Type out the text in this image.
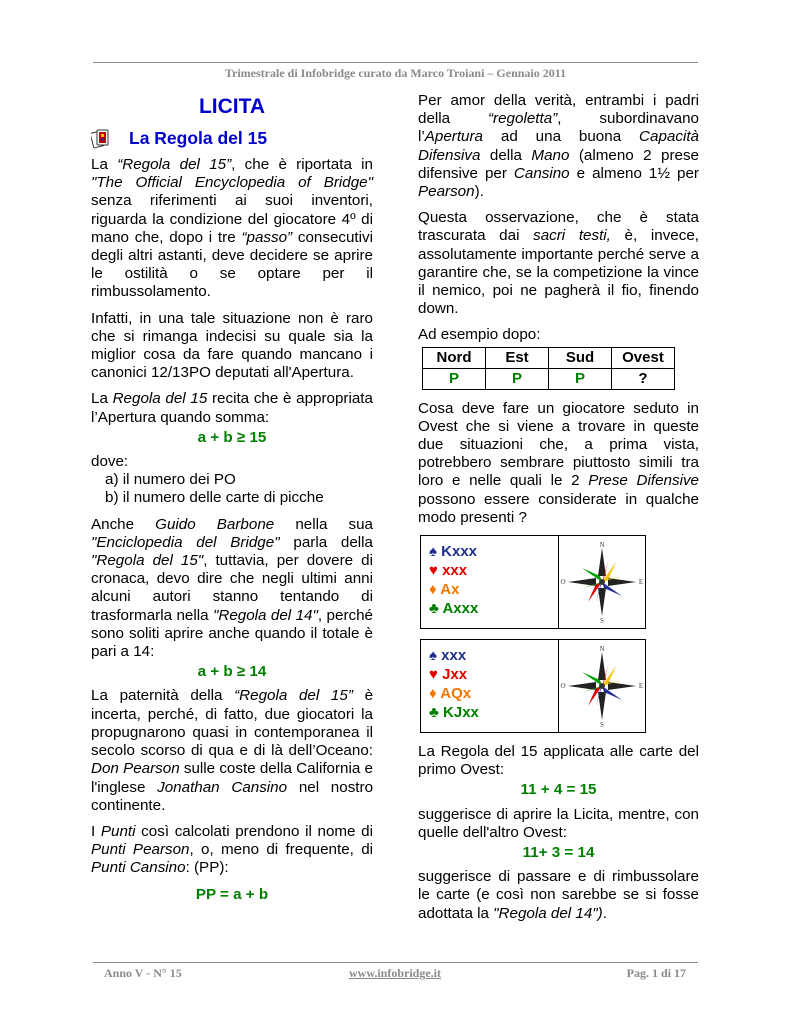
Trimestrale di Infobridge curato da Marco Troiani – Gennaio 2011
LICITA
La Regola del 15

La “Regola del 15”, che è riportata in "The Official Encyclopedia of Bridge" senza riferimenti ai suoi inventori, riguarda la condizione del giocatore 4º di mano che, dopo i tre “passo” consecutivi degli altri astanti, deve decidere se aprire le ostilità o se optare per il rimbussolamento.

Infatti, in una tale situazione non è raro che si rimanga indecisi su quale sia la miglior cosa da fare quando mancano i canonici 12/13PO deputati all'Apertura.

La Regola del 15 recita che è appropriata l’Apertura quando somma:

a + b ≥ 15
dove:
a) il numero dei PO
b) il numero delle carte di picche

Anche Guido Barbone nella sua "Enciclopedia del Bridge" parla della "Regola del 15", tuttavia, per dovere di cronaca, devo dire che negli ultimi anni alcuni autori stanno tentando di trasformarla nella "Regola del 14", perché sono soliti aprire anche quando il totale è pari a 14:

a + b ≥ 14

La paternità della “Regola del 15” è incerta, perché, di fatto, due giocatori la propugnarono quasi in contemporanea il secolo scorso di qua e di là dell’Oceano: Don Pearson sulle coste della California e l'inglese Jonathan Cansino nel nostro continente.

I Punti così calcolati prendono il nome di Punti Pearson, o, meno di frequente, di Punti Cansino: (PP):

PP = a + b

Per amor della verità, entrambi i padri della “regoletta”, subordinavano l’Apertura ad una buona Capacità Difensiva della Mano (almeno 2 prese difensive per Cansino e almeno 1½ per Pearson).

Questa osservazione, che è stata trascurata dai sacri testi, è, invece, assolutamente importante perché serve a garantire che, se la competizione la vince il nemico, poi ne pagherà il fio, finendo down.

Ad esempio dopo:

Nord	Est	Sud	Ovest
P	P	P	?

Cosa deve fare un giocatore seduto in Ovest che si viene a trovare in queste due situazioni che, a prima vista, potrebbero sembrare piuttosto simili tra loro e nelle quali le 2 Prese Difensive possono essere considerate in qualche modo presenti ?

♠ Kxxx
♥ xxx
♦ Ax
♣ Axxx
N
S
E
O
♠ xxx
♥ Jxx
♦ AQx
♣ KJxx
N
S
E
O

La Regola del 15 applicata alle carte del primo Ovest:

11 + 4 = 15

suggerisce di aprire la Licita, mentre, con quelle dell'altro Ovest:

11+ 3 = 14

suggerisce di passare e di rimbussolare le carte (e così non sarebbe se si fosse adottata la "Regola del 14").

Anno V - N° 15	www.infobridge.it	Pag. 1 di 17
